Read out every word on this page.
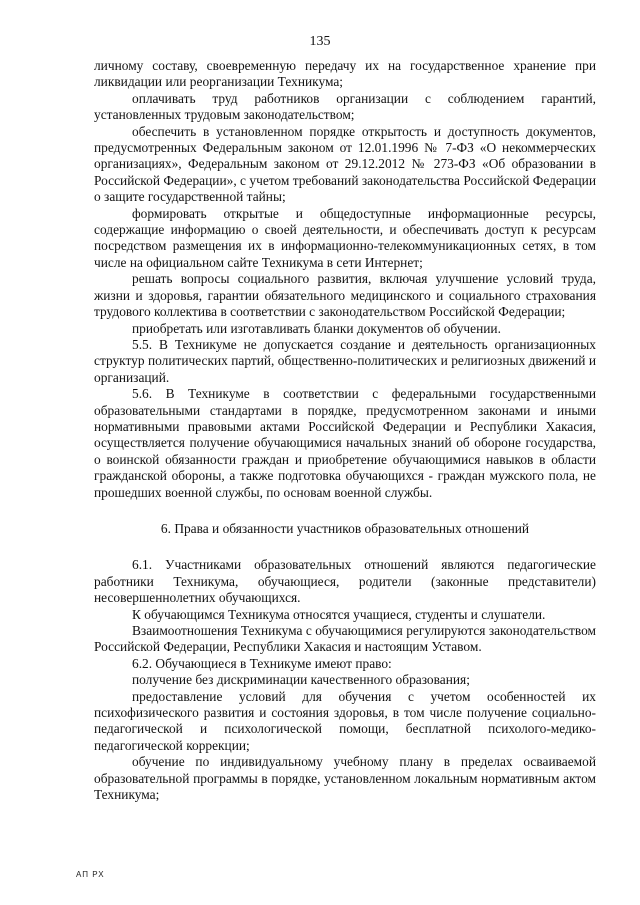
135

личному составу, своевременную передачу их на государственное хранение при ликвидации или реорганизации Техникума;

оплачивать труд работников организации с соблюдением гарантий, установленных трудовым законодательством;

обеспечить в установленном порядке открытость и доступность документов, предусмотренных Федеральным законом от 12.01.1996 № 7-ФЗ «О некоммерческих организациях», Федеральным законом от 29.12.2012 № 273-ФЗ «Об образовании в Российской Федерации», с учетом требований законодательства Российской Федерации о защите государственной тайны;

формировать открытые и общедоступные информационные ресурсы, содержащие информацию о своей деятельности, и обеспечивать доступ к ресурсам посредством размещения их в информационно-телекоммуникационных сетях, в том числе на официальном сайте Техникума в сети Интернет;

решать вопросы социального развития, включая улучшение условий труда, жизни и здоровья, гарантии обязательного медицинского и социального страхования трудового коллектива в соответствии с законодательством Российской Федерации;

приобретать или изготавливать бланки документов об обучении.

5.5. В Техникуме не допускается создание и деятельность организационных структур политических партий, общественно-политических и религиозных движений и организаций.

5.6. В Техникуме в соответствии с федеральными государственными образовательными стандартами в порядке, предусмотренном законами и иными нормативными правовыми актами Российской Федерации и Республики Хакасия, осуществляется получение обучающимися начальных знаний об обороне государства, о воинской обязанности граждан и приобретение обучающимися навыков в области гражданской обороны, а также подготовка обучающихся - граждан мужского пола, не прошедших военной службы, по основам военной службы.

6. Права и обязанности участников образовательных отношений

6.1. Участниками образовательных отношений являются педагогические работники Техникума, обучающиеся, родители (законные представители) несовершеннолетних обучающихся.

К обучающимся Техникума относятся учащиеся, студенты и слушатели.

Взаимоотношения Техникума с обучающимися регулируются законодательством Российской Федерации, Республики Хакасия и настоящим Уставом.

6.2. Обучающиеся в Техникуме имеют право:

получение без дискриминации качественного образования;

предоставление условий для обучения с учетом особенностей их психофизического развития и состояния здоровья, в том числе получение социально-педагогической и психологической помощи, бесплатной психолого-медико-педагогической коррекции;

обучение по индивидуальному учебному плану в пределах осваиваемой образовательной программы в порядке, установленном локальным нормативным актом Техникума;

АП РХ
